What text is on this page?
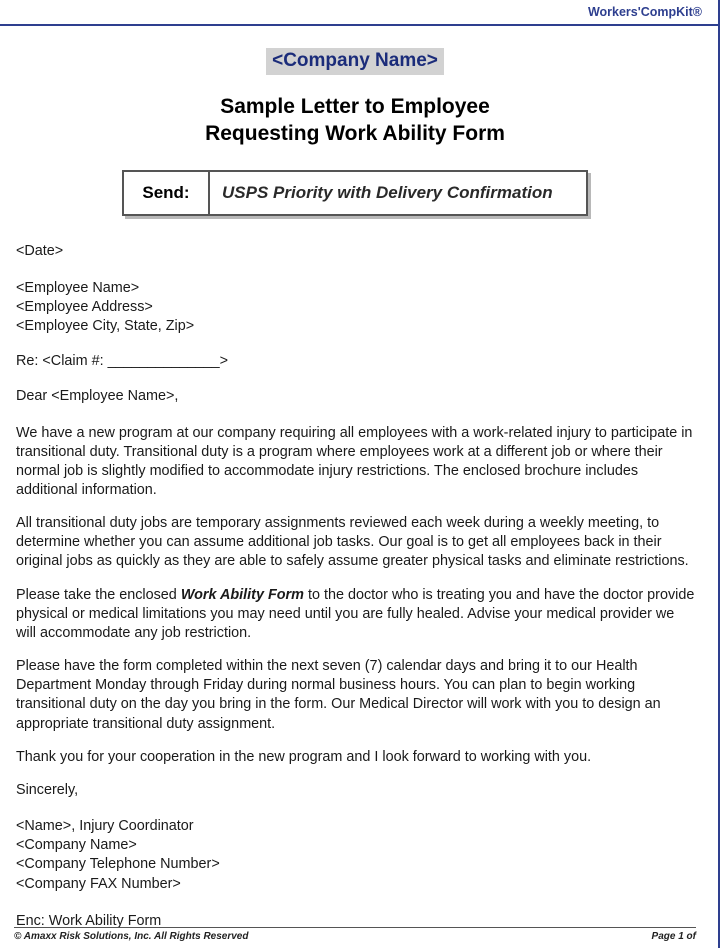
Workers'CompKit®
<Company Name>
Sample Letter to Employee
Requesting Work Ability Form
Send:	USPS Priority with Delivery Confirmation
<Date>
<Employee Name>
<Employee Address>
<Employee City, State, Zip>
Re: <Claim #: ______________>
Dear <Employee Name>,

We have a new program at our company requiring all employees with a work-related injury to participate in transitional duty. Transitional duty is a program where employees work at a different job or where their normal job is slightly modified to accommodate injury restrictions. The enclosed brochure includes additional information.

All transitional duty jobs are temporary assignments reviewed each week during a weekly meeting, to determine whether you can assume additional job tasks. Our goal is to get all employees back in their original jobs as quickly as they are able to safely assume greater physical tasks and eliminate restrictions.

Please take the enclosed Work Ability Form to the doctor who is treating you and have the doctor provide physical or medical limitations you may need until you are fully healed. Advise your medical provider we will accommodate any job restriction.

Please have the form completed within the next seven (7) calendar days and bring it to our Health Department Monday through Friday during normal business hours. You can plan to begin working transitional duty on the day you bring in the form. Our Medical Director will work with you to design an appropriate transitional duty assignment.

Thank you for your cooperation in the new program and I look forward to working with you.

Sincerely,
<Name>, Injury Coordinator
<Company Name>
<Company Telephone Number>
<Company FAX Number>
Enc: Work Ability Form
© Amaxx Risk Solutions, Inc. All Rights Reserved	Page 1 of
